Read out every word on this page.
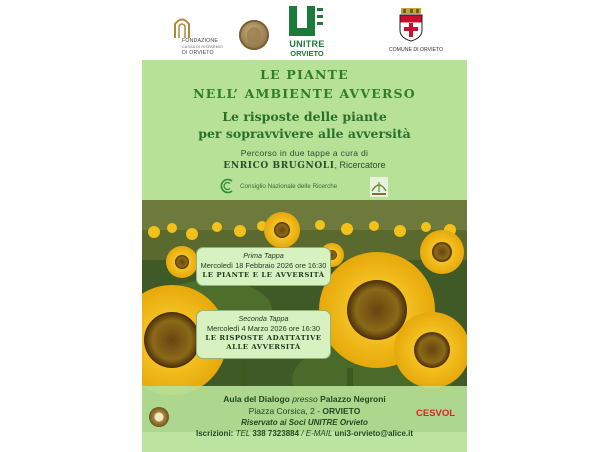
FONDAZIONE
CASSA DI RISPARMIO
DI ORVIETO
UNITRE
ORVIETO	COMUNE DI ORVIETO
LE PIANTE
NELL’ AMBIENTE AVVERSO
Le risposte delle piante
per sopravvivere alle avversità
Percorso in due tappe a cura di
ENRICO BRUGNOLI, Ricercatore
Consiglio Nazionale delle Ricerche
Prima Tappa
Mercoledì 18 Febbraio 2026 ore 16:30
LE PIANTE E LE AVVERSITÀ
Seconda Tappa
Mercoledì 4 Marzo 2026 ore 16:30
LE RISPOSTE ADATTATIVE
ALLE AVVERSITÀ
Aula del Dialogo presso Palazzo Negroni
Piazza Corsica, 2 - ORVIETO
Riservato ai Soci UNITRE Orvieto
Iscrizioni: TEL 338 7323884 / E-MAIL uni3-orvieto@alice.it
CESVOL
